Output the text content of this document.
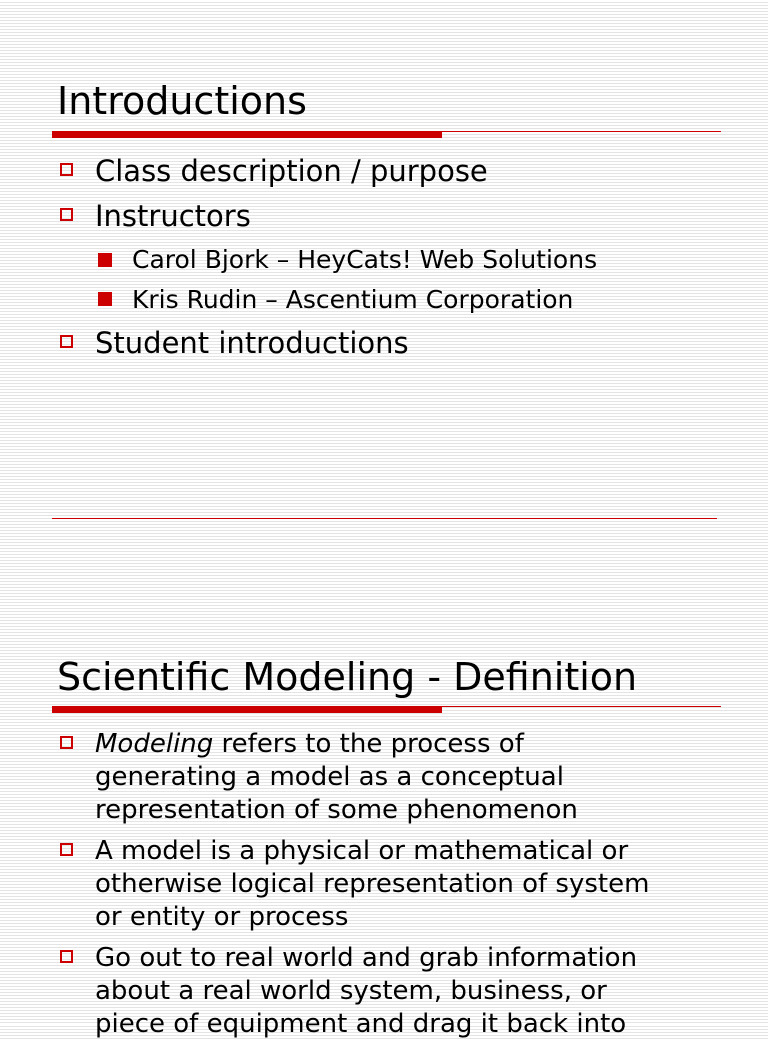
Introductions
Class description / purpose
Instructors
Carol Bjork – HeyCats! Web Solutions
Kris Rudin – Ascentium Corporation
Student introductions
Scientific Modeling - Definition
Modeling refers to the process of
generating a model as a conceptual
representation of some phenomenon
A model is a physical or mathematical or
otherwise logical representation of system
or entity or process
Go out to real world and grab information
about a real world system, business, or
piece of equipment and drag it back into
